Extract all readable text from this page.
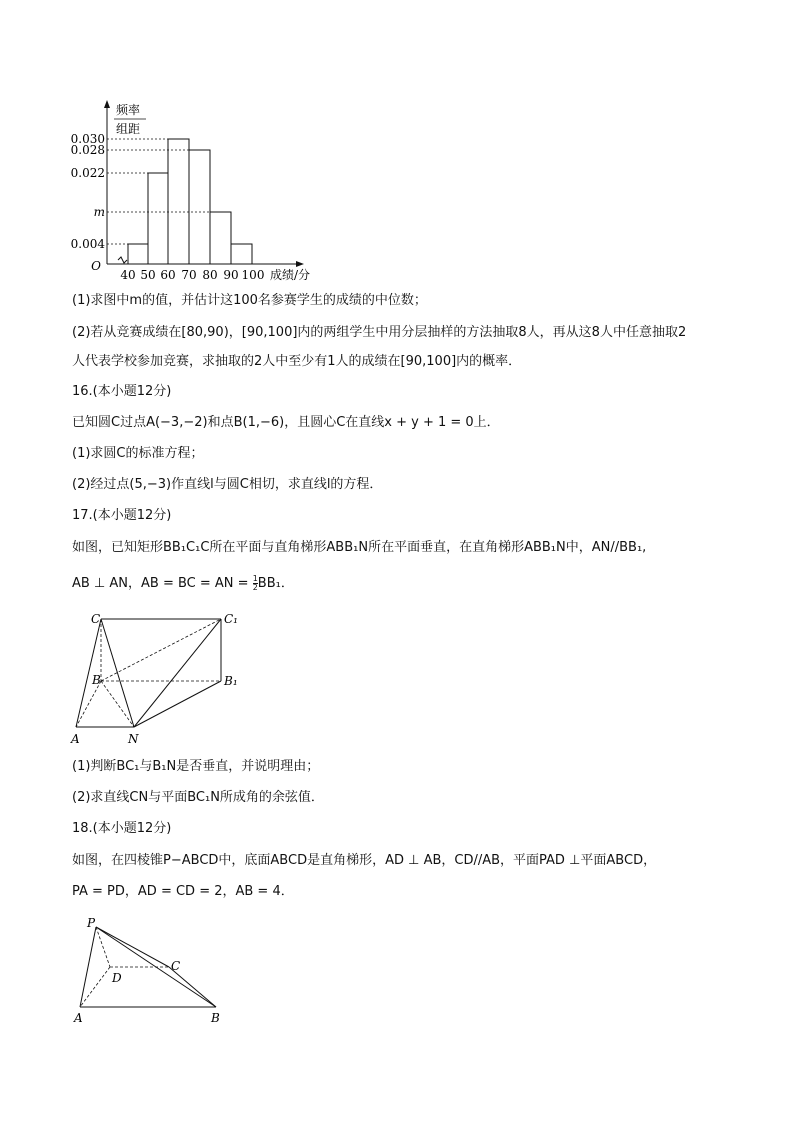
频率
组距
0.030
0.028
0.022
m
0.004
O
40 50 60 70 80 90 100 成绩/分
(1)求图中m的值，并估计这100名参赛学生的成绩的中位数；
(2)若从竞赛成绩在[80,90)，[90,100]内的两组学生中用分层抽样的方法抽取8人，再从这8人中任意抽取2
人代表学校参加竞赛，求抽取的2人中至少有1人的成绩在[90,100]内的概率．
16.(本小题12分)
已知圆C过点A(−3,−2)和点B(1,−6)，且圆心C在直线x + y + 1 = 0上．
(1)求圆C的标准方程；
(2)经过点(5,−3)作直线l与圆C相切，求直线l的方程．
17.(本小题12分)
如图，已知矩形BB₁C₁C所在平面与直角梯形ABB₁N所在平面垂直，在直角梯形ABB₁N中，AN//BB₁,
AB ⊥ AN，AB = BC = AN = $\frac{1}{2} BB_1$．
C	C₁
B	B₁
A	N
(1)判断BC₁与B₁N是否垂直，并说明理由；
(2)求直线CN与平面BC₁N所成角的余弦值．
18.(本小题12分)
如图，在四棱锥P−ABCD中，底面ABCD是直角梯形，AD ⊥ AB，CD//AB，平面PAD ⊥平面ABCD，
PA = PD，AD = CD = 2，AB = 4．
P
C
D
A	B
